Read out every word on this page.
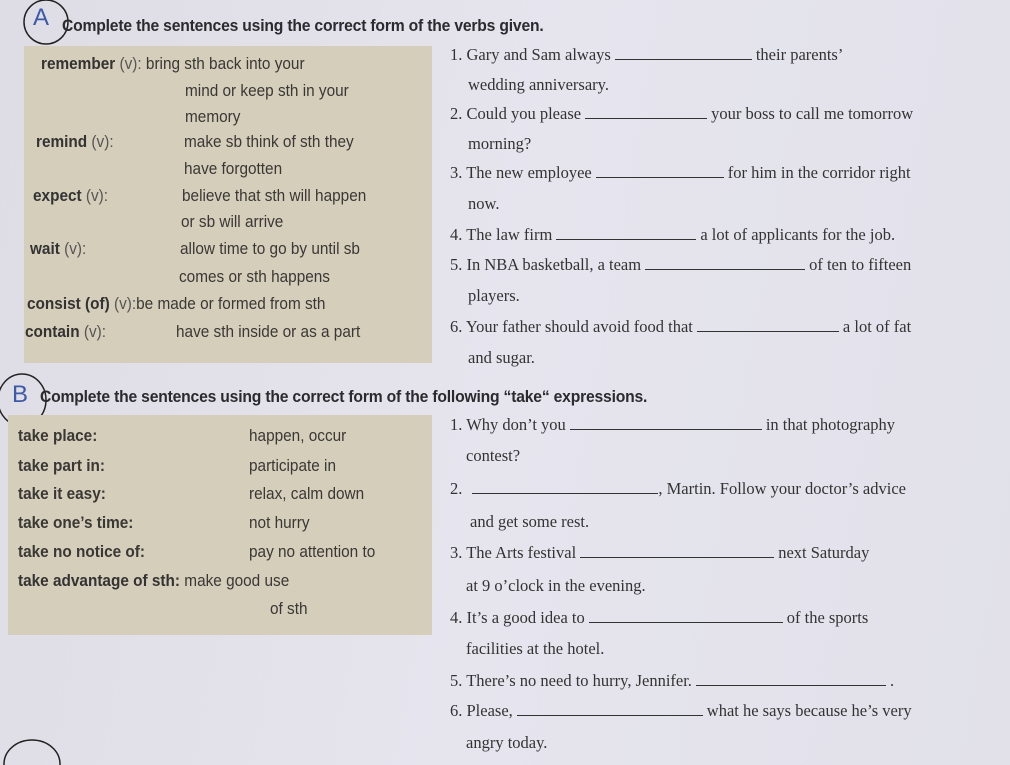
A Complete the sentences using the correct form of the verbs given.
remember (v): bring sth back into your
mind or keep sth in your
memory
remind (v):	make sb think of sth they
have forgotten
expect (v):	believe that sth will happen
or sb will arrive
wait (v):	allow time to go by until sb
comes or sth happens
consist (of) (v):be made or formed from sth
contain (v):	have sth inside or as a part
1. Gary and Sam always	their parents’
wedding anniversary.
2. Could you please	your boss to call me tomorrow
morning?
3. The new employee	for him in the corridor right
now.
4. The law firm	a lot of applicants for the job.
5. In NBA basketball, a team	of ten to fifteen
players.
6. Your father should avoid food that	a lot of fat
and sugar.
B Complete the sentences using the correct form of the following “take“ expressions.
take place:	happen, occur
take part in:	participate in
take it easy:	relax, calm down
take one’s time:	not hurry
take no notice of:	pay no attention to
take advantage of sth: make good use
of sth
1. Why don’t you	in that photography
contest?
2.	, Martin. Follow your doctor’s advice
and get some rest.
3. The Arts festival	next Saturday
at 9 o’clock in the evening.
4. It’s a good idea to	of the sports
facilities at the hotel.
5. There’s no need to hurry, Jennifer.	.
6. Please,	what he says because he’s very
angry today.
